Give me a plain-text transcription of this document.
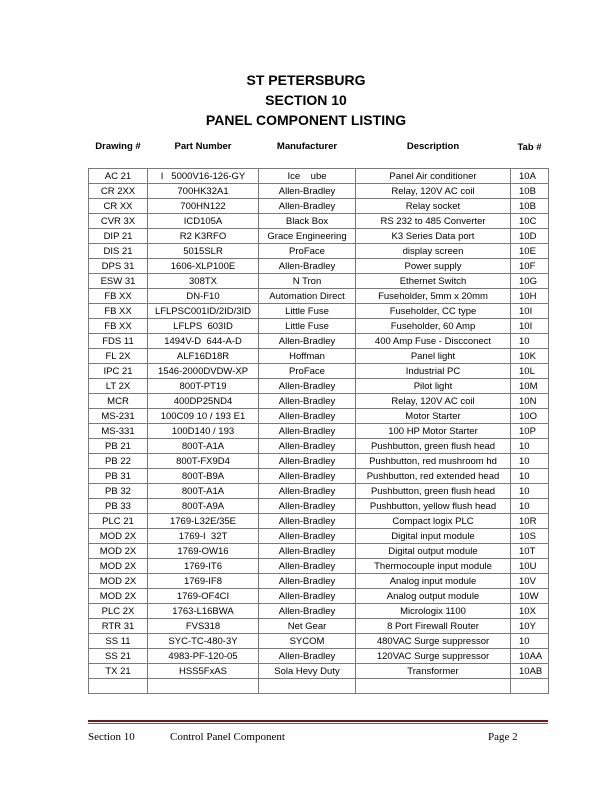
ST PETERSBURG
SECTION 10
PANEL COMPONENT LISTING
Drawing #	Part Number	Manufacturer	Description	Tab #
AC 21	I   5000V16-126-GY	Ice    ube	Panel Air conditioner	10A
CR 2XX	700HK32A1	Allen-Bradley	Relay, 120V AC coil	10B
CR XX	700HN122	Allen-Bradley	Relay socket	10B
CVR 3X	ICD105A	Black Box	RS 232 to 485 Converter	10C
DIP 21	R2 K3RFO	Grace Engineering	K3 Series Data port	10D
DIS 21	5015SLR	ProFace	display screen	10E
DPS 31	1606-XLP100E	Allen-Bradley	Power supply	10F
ESW 31	308TX	N Tron	Ethernet Switch	10G
FB XX	DN-F10	Automation Direct	Fuseholder, 5mm x 20mm	10H
FB XX	LFLPSC001ID/2ID/3ID	Little Fuse	Fuseholder, CC type	10I
FB XX	LFLPS  603ID	Little Fuse	Fuseholder, 60 Amp	10I
FDS 11	1494V-D  644-A-D	Allen-Bradley	400 Amp Fuse - Discconect	10
FL 2X	ALF16D18R	Hoffman	Panel light	10K
IPC 21	1546-2000DVDW-XP	ProFace	Industrial PC	10L
LT 2X	800T-PT19	Allen-Bradley	Pilot light	10M
MCR	400DP25ND4	Allen-Bradley	Relay, 120V AC coil	10N
MS-231	100C09 10 / 193 E1	Allen-Bradley	Motor Starter	10O
MS-331	100D140 / 193	Allen-Bradley	100 HP Motor Starter	10P
PB 21	800T-A1A	Allen-Bradley	Pushbutton, green flush head	10
PB 22	800T-FX9D4	Allen-Bradley	Pushbutton, red mushroom hd	10
PB 31	800T-B9A	Allen-Bradley	Pushbutton, red extended head	10
PB 32	800T-A1A	Allen-Bradley	Pushbutton, green flush head	10
PB 33	800T-A9A	Allen-Bradley	Pushbutton, yellow flush head	10
PLC 21	1769-L32E/35E	Allen-Bradley	Compact logix PLC	10R
MOD 2X	1769-I  32T	Allen-Bradley	Digital input module	10S
MOD 2X	1769-OW16	Allen-Bradley	Digital output module	10T
MOD 2X	1769-IT6	Allen-Bradley	Thermocouple input module	10U
MOD 2X	1769-IF8	Allen-Bradley	Analog input module	10V
MOD 2X	1769-OF4CI	Allen-Bradley	Analog output module	10W
PLC 2X	1763-L16BWA	Allen-Bradley	Micrologix 1100	10X
RTR 31	FVS318	Net Gear	8 Port Firewall Router	10Y
SS 11	SYC-TC-480-3Y	SYCOM	480VAC Surge suppressor	10
SS 21	4983-PF-120-05	Allen-Bradley	120VAC Surge suppressor	10AA
TX 21	HSS5FxAS	Sola Hevy Duty	Transformer	10AB

Section 10	Control Panel Component	Page 2
